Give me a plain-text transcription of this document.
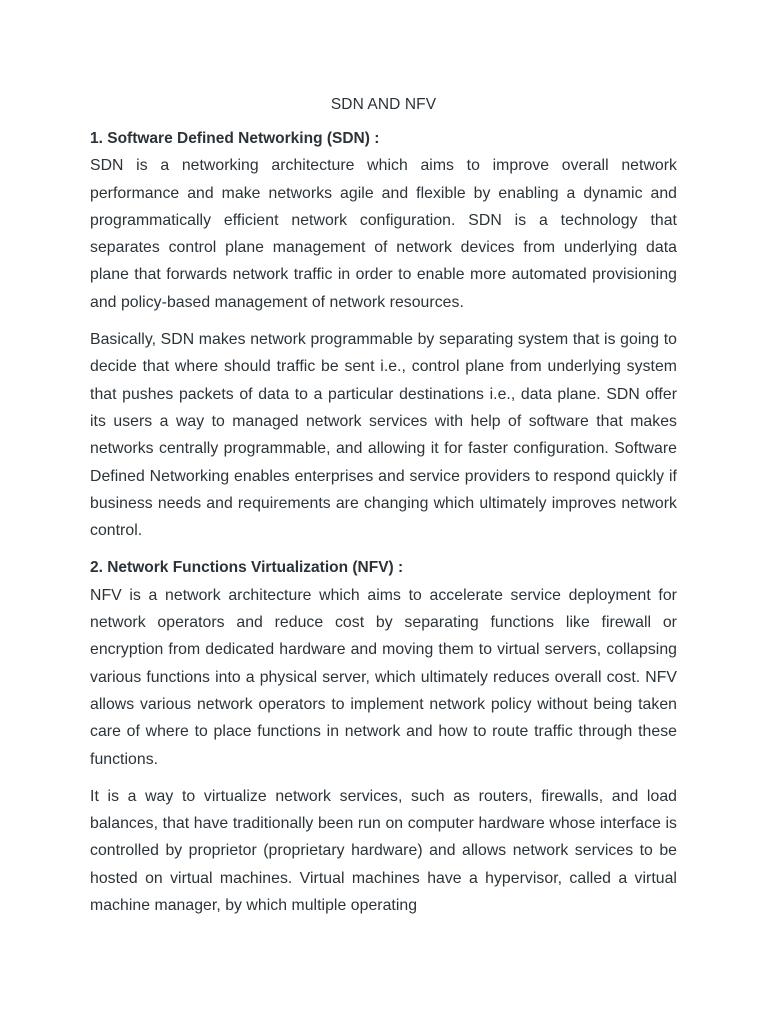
SDN AND NFV
1. Software Defined Networking (SDN) :

SDN is a networking architecture which aims to improve overall network performance and make networks agile and flexible by enabling a dynamic and programmatically efficient network configuration. SDN is a technology that separates control plane management of network devices from underlying data plane that forwards network traffic in order to enable more automated provisioning and policy-based management of network resources.

Basically, SDN makes network programmable by separating system that is going to decide that where should traffic be sent i.e., control plane from underlying system that pushes packets of data to a particular destinations i.e., data plane. SDN offer its users a way to managed network services with help of software that makes networks centrally programmable, and allowing it for faster configuration. Software Defined Networking enables enterprises and service providers to respond quickly if business needs and requirements are changing which ultimately improves network control.

2. Network Functions Virtualization (NFV) :

NFV is a network architecture which aims to accelerate service deployment for network operators and reduce cost by separating functions like firewall or encryption from dedicated hardware and moving them to virtual servers, collapsing various functions into a physical server, which ultimately reduces overall cost. NFV allows various network operators to implement network policy without being taken care of where to place functions in network and how to route traffic through these functions.

It is a way to virtualize network services, such as routers, firewalls, and load balances, that have traditionally been run on computer hardware whose interface is controlled by proprietor (proprietary hardware) and allows network services to be hosted on virtual machines. Virtual machines have a hypervisor, called a virtual machine manager, by which multiple operating
